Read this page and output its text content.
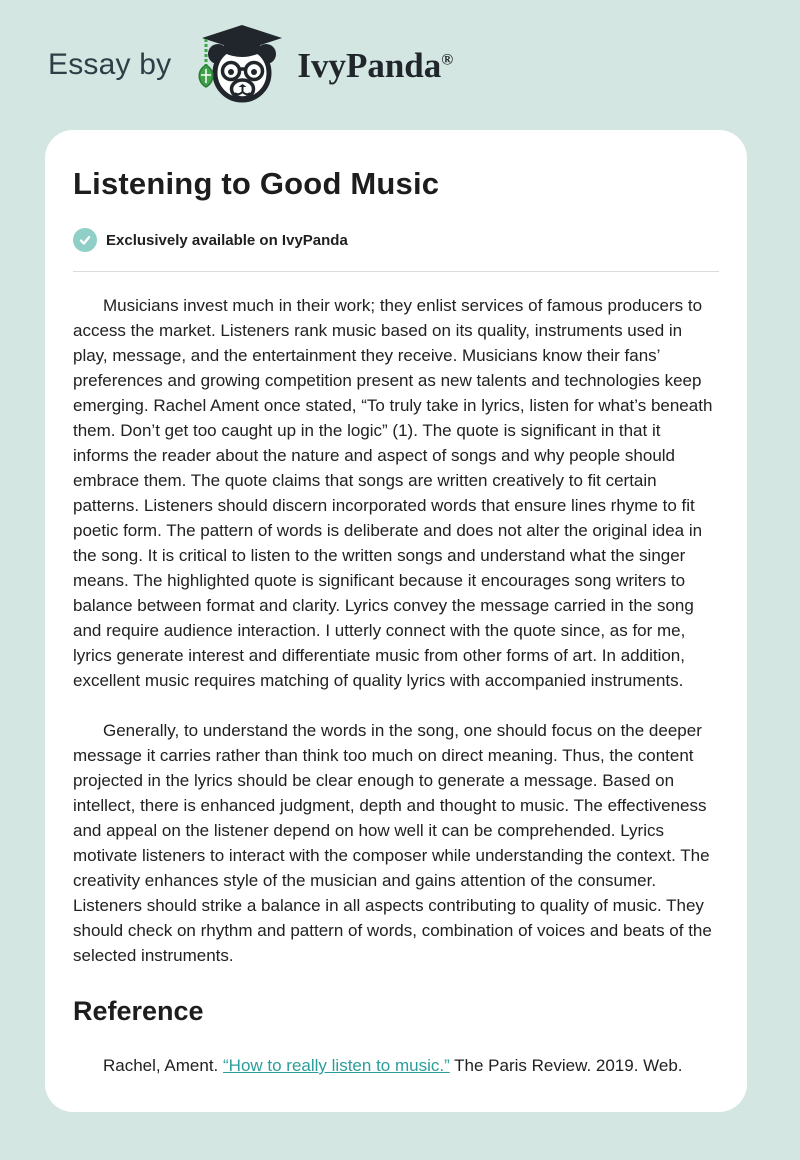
Essay by	IvyPanda®
Listening to Good Music
Exclusively available on IvyPanda

Musicians invest much in their work; they enlist services of famous producers to access the market. Listeners rank music based on its quality, instruments used in play, message, and the entertainment they receive. Musicians know their fans’ preferences and growing competition present as new talents and technologies keep emerging. Rachel Ament once stated, “To truly take in lyrics, listen for what’s beneath them. Don’t get too caught up in the logic” (1). The quote is significant in that it informs the reader about the nature and aspect of songs and why people should embrace them. The quote claims that songs are written creatively to fit certain patterns. Listeners should discern incorporated words that ensure lines rhyme to fit poetic form. The pattern of words is deliberate and does not alter the original idea in the song. It is critical to listen to the written songs and understand what the singer means. The highlighted quote is significant because it encourages song writers to balance between format and clarity. Lyrics convey the message carried in the song and require audience interaction. I utterly connect with the quote since, as for me, lyrics generate interest and differentiate music from other forms of art. In addition, excellent music requires matching of quality lyrics with accompanied instruments.

Generally, to understand the words in the song, one should focus on the deeper message it carries rather than think too much on direct meaning. Thus, the content projected in the lyrics should be clear enough to generate a message. Based on intellect, there is enhanced judgment, depth and thought to music. The effectiveness and appeal on the listener depend on how well it can be comprehended. Lyrics motivate listeners to interact with the composer while understanding the context. The creativity enhances style of the musician and gains attention of the consumer. Listeners should strike a balance in all aspects contributing to quality of music. They should check on rhythm and pattern of words, combination of voices and beats of the selected instruments.

Reference

Rachel, Ament. “How to really listen to music.” The Paris Review. 2019. Web.
